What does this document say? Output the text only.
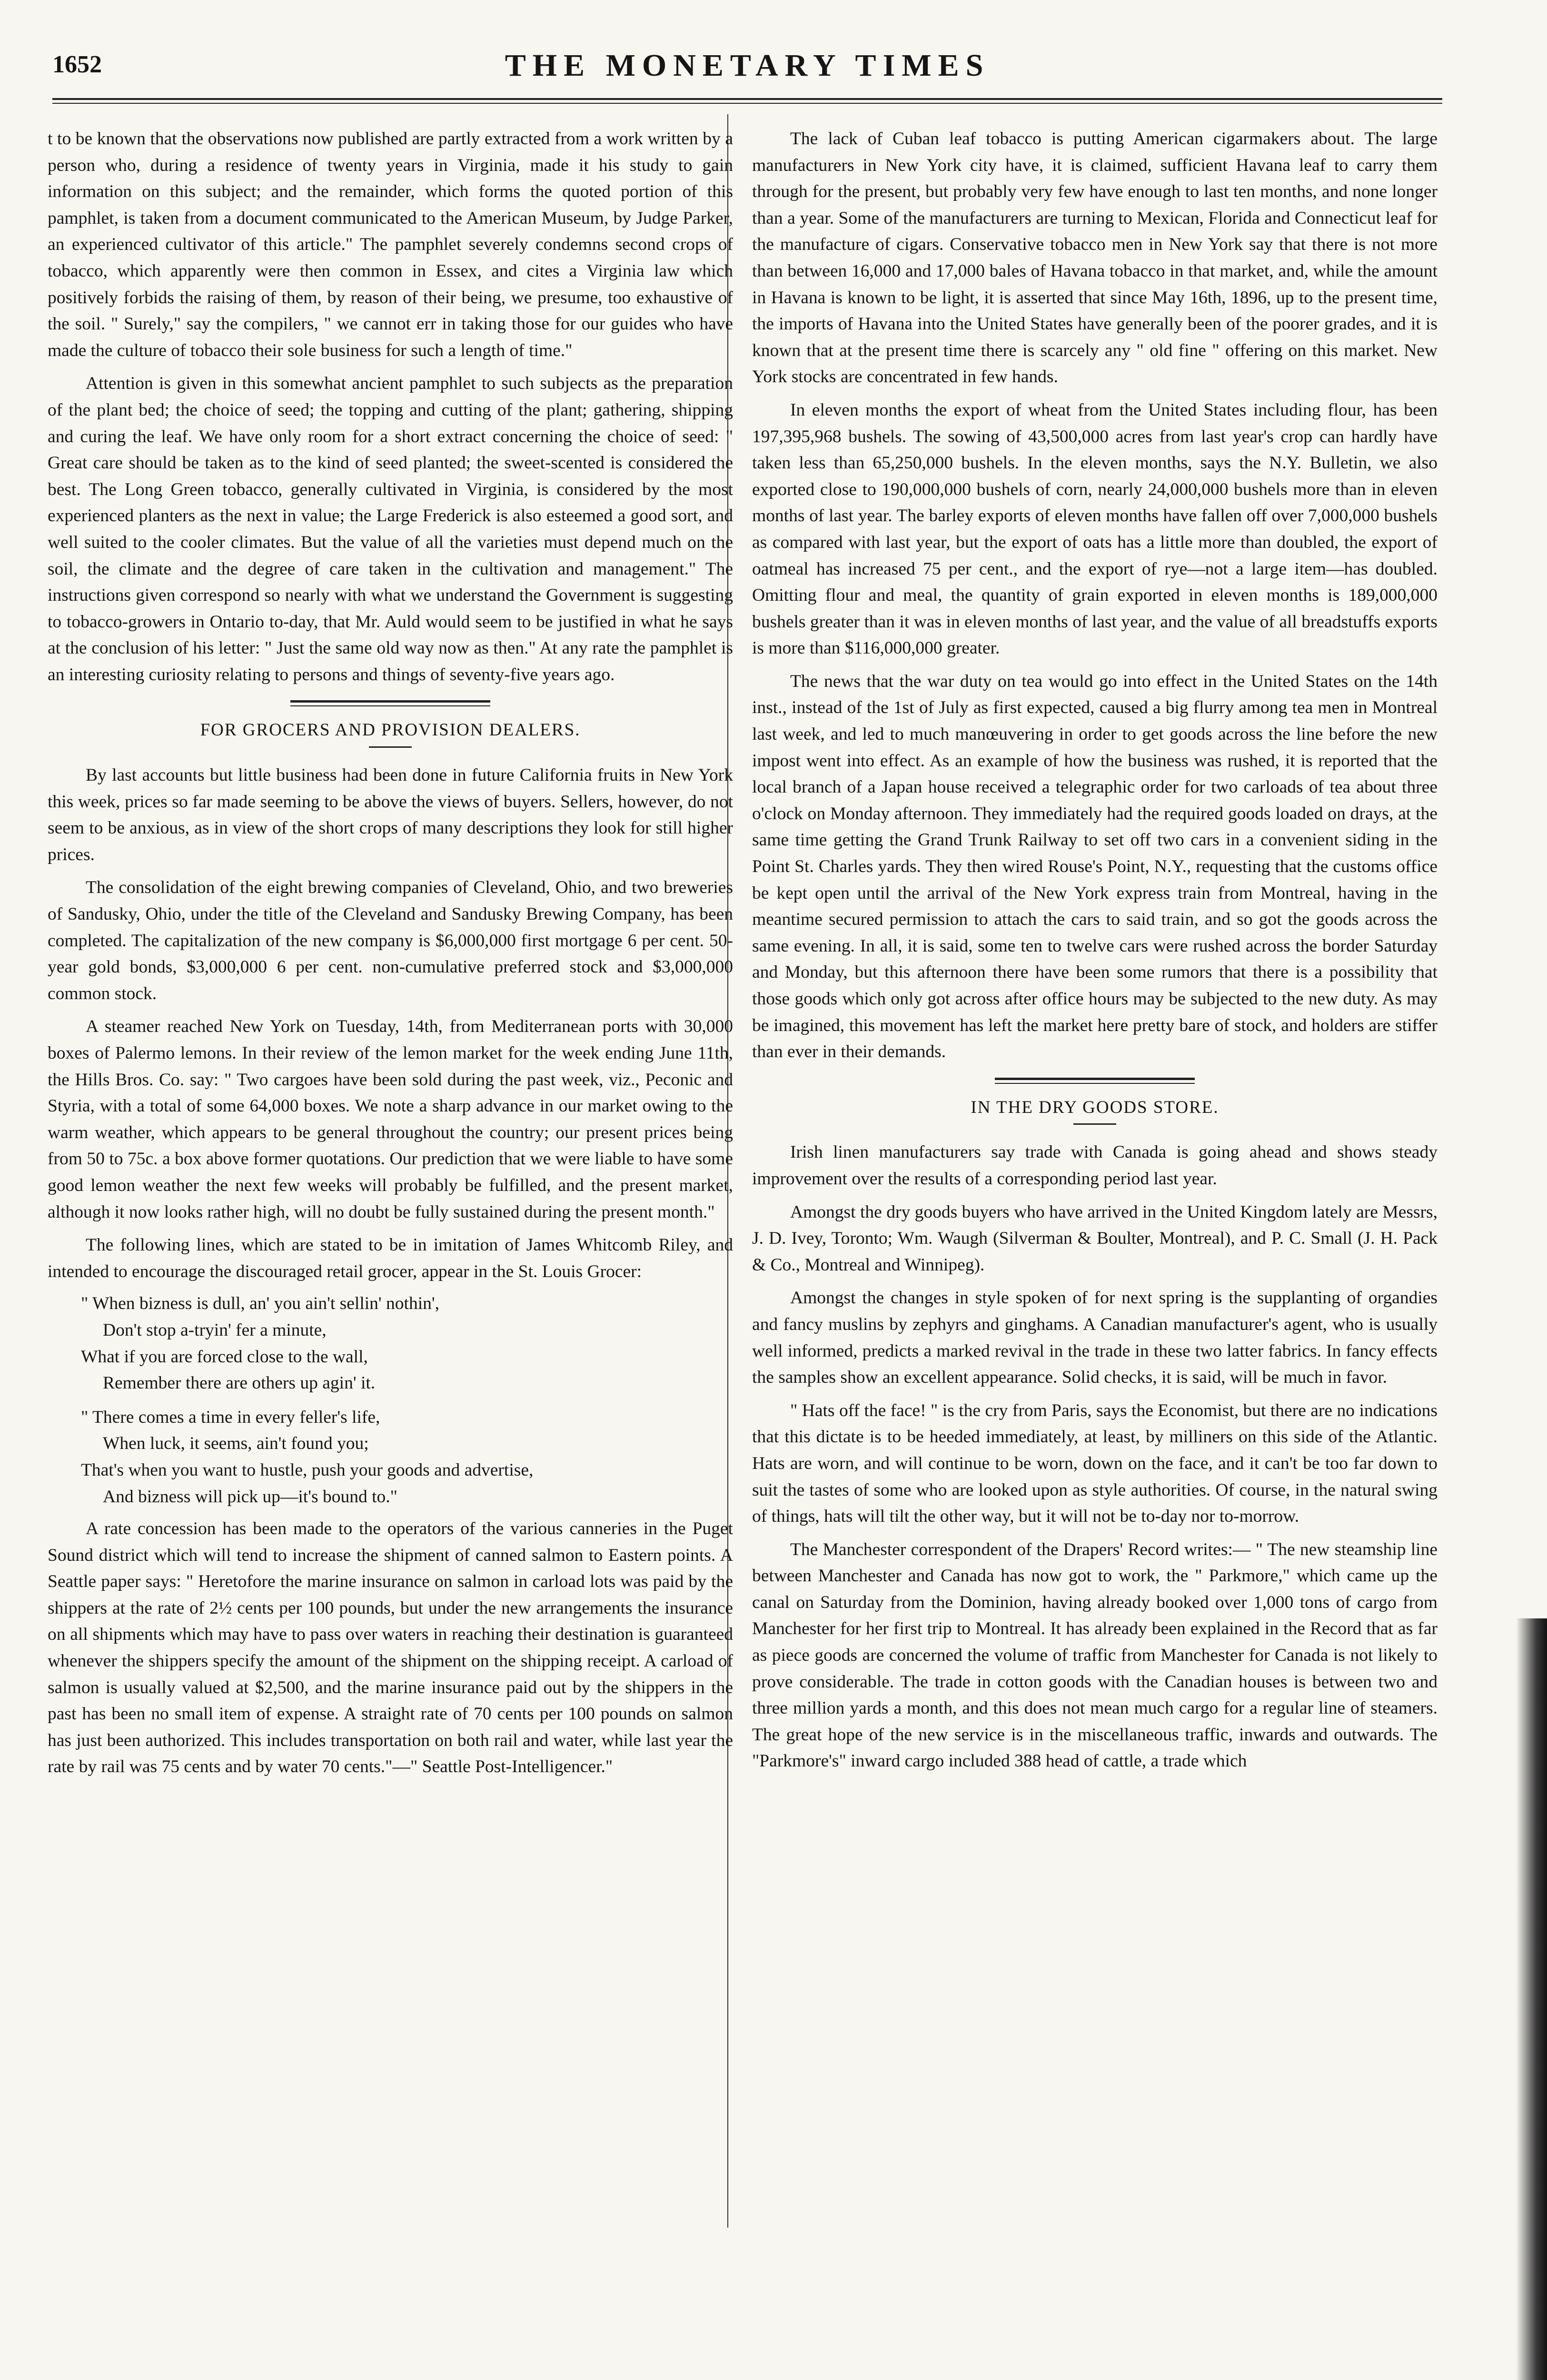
1652	THE MONETARY TIMES

t to be known that the observations now published are partly extracted from a work written by a person who, during a residence of twenty years in Virginia, made it his study to gain information on this subject; and the remainder, which forms the quoted portion of this pamphlet, is taken from a document communicated to the American Museum, by Judge Parker, an experienced cultivator of this article." The pamphlet severely condemns second crops of tobacco, which apparently were then common in Essex, and cites a Virginia law which positively forbids the raising of them, by reason of their being, we presume, too exhaustive of the soil. " Surely," say the compilers, " we cannot err in taking those for our guides who have made the culture of tobacco their sole business for such a length of time."

Attention is given in this somewhat ancient pamphlet to such subjects as the preparation of the plant bed; the choice of seed; the topping and cutting of the plant; gathering, shipping and curing the leaf. We have only room for a short extract concerning the choice of seed: " Great care should be taken as to the kind of seed planted; the sweet-scented is considered the best. The Long Green tobacco, generally cultivated in Virginia, is considered by the most experienced planters as the next in value; the Large Frederick is also esteemed a good sort, and well suited to the cooler climates. But the value of all the varieties must depend much on the soil, the climate and the degree of care taken in the cultivation and management." The instructions given correspond so nearly with what we understand the Government is suggesting to tobacco-growers in Ontario to-day, that Mr. Auld would seem to be justified in what he says at the conclusion of his letter: " Just the same old way now as then." At any rate the pamphlet is an interesting curiosity relating to persons and things of seventy-five years ago.

FOR GROCERS AND PROVISION DEALERS.

By last accounts but little business had been done in future California fruits in New York this week, prices so far made seeming to be above the views of buyers. Sellers, however, do not seem to be anxious, as in view of the short crops of many descriptions they look for still higher prices.

The consolidation of the eight brewing companies of Cleveland, Ohio, and two breweries of Sandusky, Ohio, under the title of the Cleveland and Sandusky Brewing Company, has been completed. The capitalization of the new company is $6,000,000 first mortgage 6 per cent. 50-year gold bonds, $3,000,000 6 per cent. non-cumulative preferred stock and $3,000,000 common stock.

A steamer reached New York on Tuesday, 14th, from Mediterranean ports with 30,000 boxes of Palermo lemons. In their review of the lemon market for the week ending June 11th, the Hills Bros. Co. say: " Two cargoes have been sold during the past week, viz., Peconic and Styria, with a total of some 64,000 boxes. We note a sharp advance in our market owing to the warm weather, which appears to be general throughout the country; our present prices being from 50 to 75c. a box above former quotations. Our prediction that we were liable to have some good lemon weather the next few weeks will probably be fulfilled, and the present market, although it now looks rather high, will no doubt be fully sustained during the present month."

The following lines, which are stated to be in imitation of James Whitcomb Riley, and intended to encourage the discouraged retail grocer, appear in the St. Louis Grocer:

" When bizness is dull, an' you ain't sellin' nothin',
Don't stop a-tryin' fer a minute,
What if you are forced close to the wall,
Remember there are others up agin' it.
" There comes a time in every feller's life,
When luck, it seems, ain't found you;
That's when you want to hustle, push your goods and advertise,
And bizness will pick up—it's bound to."

A rate concession has been made to the operators of the various canneries in the Puget Sound district which will tend to increase the shipment of canned salmon to Eastern points. A Seattle paper says: " Heretofore the marine insurance on salmon in carload lots was paid by the shippers at the rate of 2½ cents per 100 pounds, but under the new arrangements the insurance on all shipments which may have to pass over waters in reaching their destination is guaranteed whenever the shippers specify the amount of the shipment on the shipping receipt. A carload of salmon is usually valued at $2,500, and the marine insurance paid out by the shippers in the past has been no small item of expense. A straight rate of 70 cents per 100 pounds on salmon has just been authorized. This includes transportation on both rail and water, while last year the rate by rail was 75 cents and by water 70 cents."—" Seattle Post-Intelligencer."

The lack of Cuban leaf tobacco is putting American cigarmakers about. The large manufacturers in New York city have, it is claimed, sufficient Havana leaf to carry them through for the present, but probably very few have enough to last ten months, and none longer than a year. Some of the manufacturers are turning to Mexican, Florida and Connecticut leaf for the manufacture of cigars. Conservative tobacco men in New York say that there is not more than between 16,000 and 17,000 bales of Havana tobacco in that market, and, while the amount in Havana is known to be light, it is asserted that since May 16th, 1896, up to the present time, the imports of Havana into the United States have generally been of the poorer grades, and it is known that at the present time there is scarcely any " old fine " offering on this market. New York stocks are concentrated in few hands.

In eleven months the export of wheat from the United States including flour, has been 197,395,968 bushels. The sowing of 43,500,000 acres from last year's crop can hardly have taken less than 65,250,000 bushels. In the eleven months, says the N.Y. Bulletin, we also exported close to 190,000,000 bushels of corn, nearly 24,000,000 bushels more than in eleven months of last year. The barley exports of eleven months have fallen off over 7,000,000 bushels as compared with last year, but the export of oats has a little more than doubled, the export of oatmeal has increased 75 per cent., and the export of rye—not a large item—has doubled. Omitting flour and meal, the quantity of grain exported in eleven months is 189,000,000 bushels greater than it was in eleven months of last year, and the value of all breadstuffs exports is more than $116,000,000 greater.

The news that the war duty on tea would go into effect in the United States on the 14th inst., instead of the 1st of July as first expected, caused a big flurry among tea men in Montreal last week, and led to much manœuvering in order to get goods across the line before the new impost went into effect. As an example of how the business was rushed, it is reported that the local branch of a Japan house received a telegraphic order for two carloads of tea about three o'clock on Monday afternoon. They immediately had the required goods loaded on drays, at the same time getting the Grand Trunk Railway to set off two cars in a convenient siding in the Point St. Charles yards. They then wired Rouse's Point, N.Y., requesting that the customs office be kept open until the arrival of the New York express train from Montreal, having in the meantime secured permission to attach the cars to said train, and so got the goods across the same evening. In all, it is said, some ten to twelve cars were rushed across the border Saturday and Monday, but this afternoon there have been some rumors that there is a possibility that those goods which only got across after office hours may be subjected to the new duty. As may be imagined, this movement has left the market here pretty bare of stock, and holders are stiffer than ever in their demands.

IN THE DRY GOODS STORE.

Irish linen manufacturers say trade with Canada is going ahead and shows steady improvement over the results of a corresponding period last year.

Amongst the dry goods buyers who have arrived in the United Kingdom lately are Messrs, J. D. Ivey, Toronto; Wm. Waugh (Silverman & Boulter, Montreal), and P. C. Small (J. H. Pack & Co., Montreal and Winnipeg).

Amongst the changes in style spoken of for next spring is the supplanting of organdies and fancy muslins by zephyrs and ginghams. A Canadian manufacturer's agent, who is usually well informed, predicts a marked revival in the trade in these two latter fabrics. In fancy effects the samples show an excellent appearance. Solid checks, it is said, will be much in favor.

" Hats off the face! " is the cry from Paris, says the Economist, but there are no indications that this dictate is to be heeded immediately, at least, by milliners on this side of the Atlantic. Hats are worn, and will continue to be worn, down on the face, and it can't be too far down to suit the tastes of some who are looked upon as style authorities. Of course, in the natural swing of things, hats will tilt the other way, but it will not be to-day nor to-morrow.

The Manchester correspondent of the Drapers' Record writes:— " The new steamship line between Manchester and Canada has now got to work, the " Parkmore," which came up the canal on Saturday from the Dominion, having already booked over 1,000 tons of cargo from Manchester for her first trip to Montreal. It has already been explained in the Record that as far as piece goods are concerned the volume of traffic from Manchester for Canada is not likely to prove considerable. The trade in cotton goods with the Canadian houses is between two and three million yards a month, and this does not mean much cargo for a regular line of steamers. The great hope of the new service is in the miscellaneous traffic, inwards and outwards. The "Parkmore's" inward cargo included 388 head of cattle, a trade which
